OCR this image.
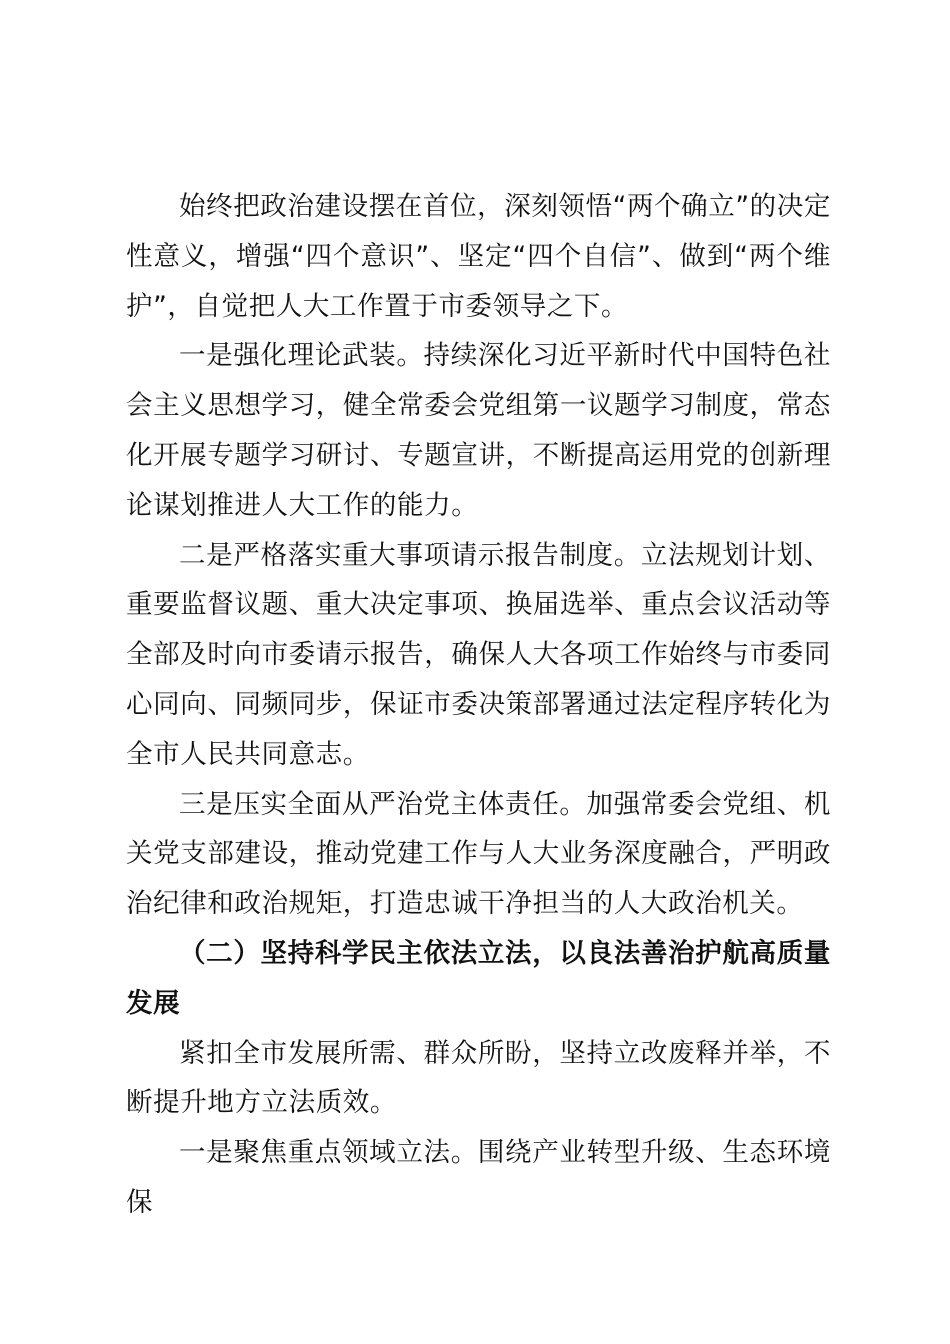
始终把政治建设摆在首位，深刻领悟“两个确立”的决定性意义，增强“四个意识”、坚定“四个自信”、做到“两个维护”，自觉把人大工作置于市委领导之下。

一是强化理论武装。持续深化习近平新时代中国特色社会主义思想学习，健全常委会党组第一议题学习制度，常态化开展专题学习研讨、专题宣讲，不断提高运用党的创新理论谋划推进人大工作的能力。

二是严格落实重大事项请示报告制度。立法规划计划、重要监督议题、重大决定事项、换届选举、重点会议活动等全部及时向市委请示报告，确保人大各项工作始终与市委同心同向、同频同步，保证市委决策部署通过法定程序转化为全市人民共同意志。

三是压实全面从严治党主体责任。加强常委会党组、机关党支部建设，推动党建工作与人大业务深度融合，严明政治纪律和政治规矩，打造忠诚干净担当的人大政治机关。

（二）坚持科学民主依法立法，以良法善治护航高质量发展

紧扣全市发展所需、群众所盼，坚持立改废释并举，不断提升地方立法质效。

一是聚焦重点领域立法。围绕产业转型升级、生态环境保
